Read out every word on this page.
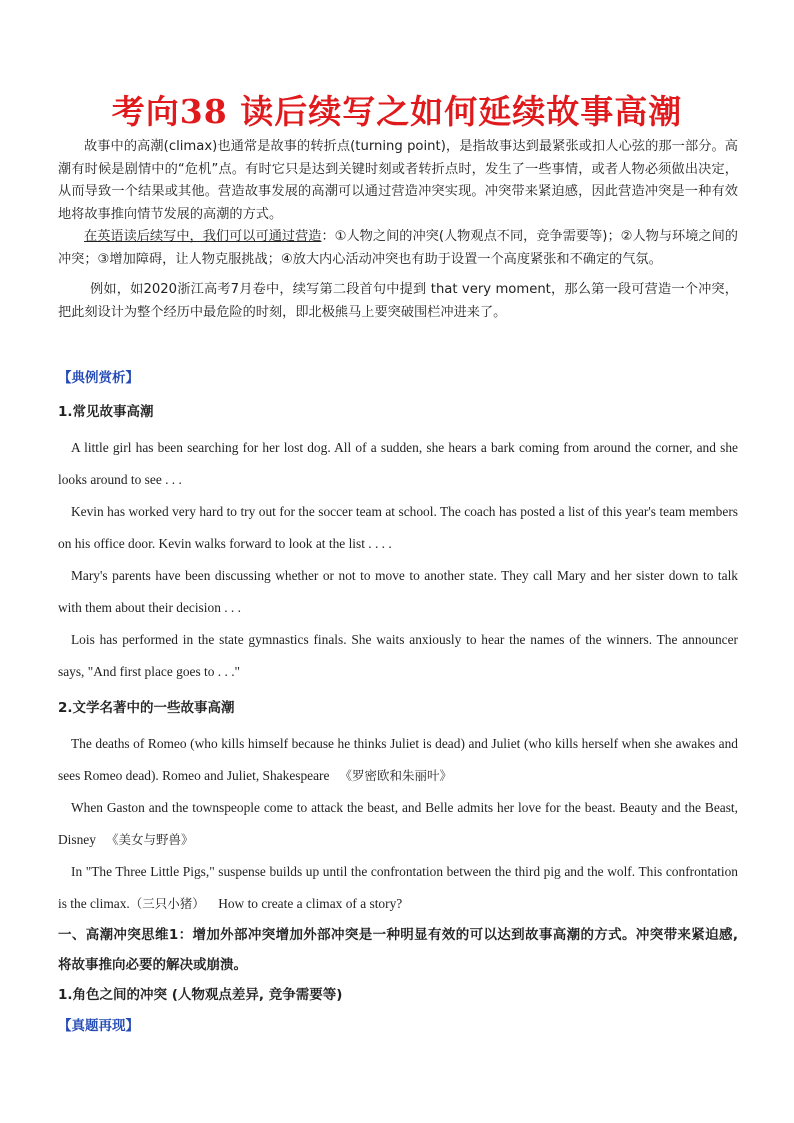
考向38 读后续写之如何延续故事高潮

故事中的高潮(climax)也通常是故事的转折点(turning point)，是指故事达到最紧张或扣人心弦的那一部分。高潮有时候是剧情中的“危机”点。有时它只是达到关键时刻或者转折点时，发生了一些事情，或者人物必须做出决定，从而导致一个结果或其他。营造故事发展的高潮可以通过营造冲突实现。冲突带来紧迫感，因此营造冲突是一种有效地将故事推向情节发展的高潮的方式。

在英语读后续写中，我们可以可通过营造：①人物之间的冲突(人物观点不同，竞争需要等)；②人物与环境之间的冲突；③增加障碍，让人物克服挑战；④放大内心活动冲突也有助于设置一个高度紧张和不确定的气氛。

例如，如2020浙江高考7月卷中，续写第二段首句中提到 that very moment，那么第一段可营造一个冲突，把此刻设计为整个经历中最危险的时刻，即北极熊马上要突破围栏冲进来了。

【典例赏析】

1.常见故事高潮

A little girl has been searching for her lost dog. All of a sudden, she hears a bark coming from around the corner, and she looks around to see . . .

Kevin has worked very hard to try out for the soccer team at school. The coach has posted a list of this year's team members on his office door. Kevin walks forward to look at the list . . . .

Mary's parents have been discussing whether or not to move to another state. They call Mary and her sister down to talk with them about their decision . . .

Lois has performed in the state gymnastics finals. She waits anxiously to hear the names of the winners. The announcer says, "And first place goes to . . ."

2.文学名著中的一些故事高潮

The deaths of Romeo (who kills himself because he thinks Juliet is dead) and Juliet (who kills herself when she awakes and sees Romeo dead). Romeo and Juliet, Shakespeare 《罗密欧和朱丽叶》

When Gaston and the townspeople come to attack the beast, and Belle admits her love for the beast. Beauty and the Beast, Disney 《美女与野兽》

In "The Three Little Pigs," suspense builds up until the confrontation between the third pig and the wolf. This confrontation is the climax.（三只小猪） How to create a climax of a story?

一、高潮冲突思维1：增加外部冲突增加外部冲突是一种明显有效的可以达到故事高潮的方式。冲突带来紧迫感, 将故事推向必要的解决或崩溃。

1.角色之间的冲突 (人物观点差异, 竞争需要等)

【真题再现】
